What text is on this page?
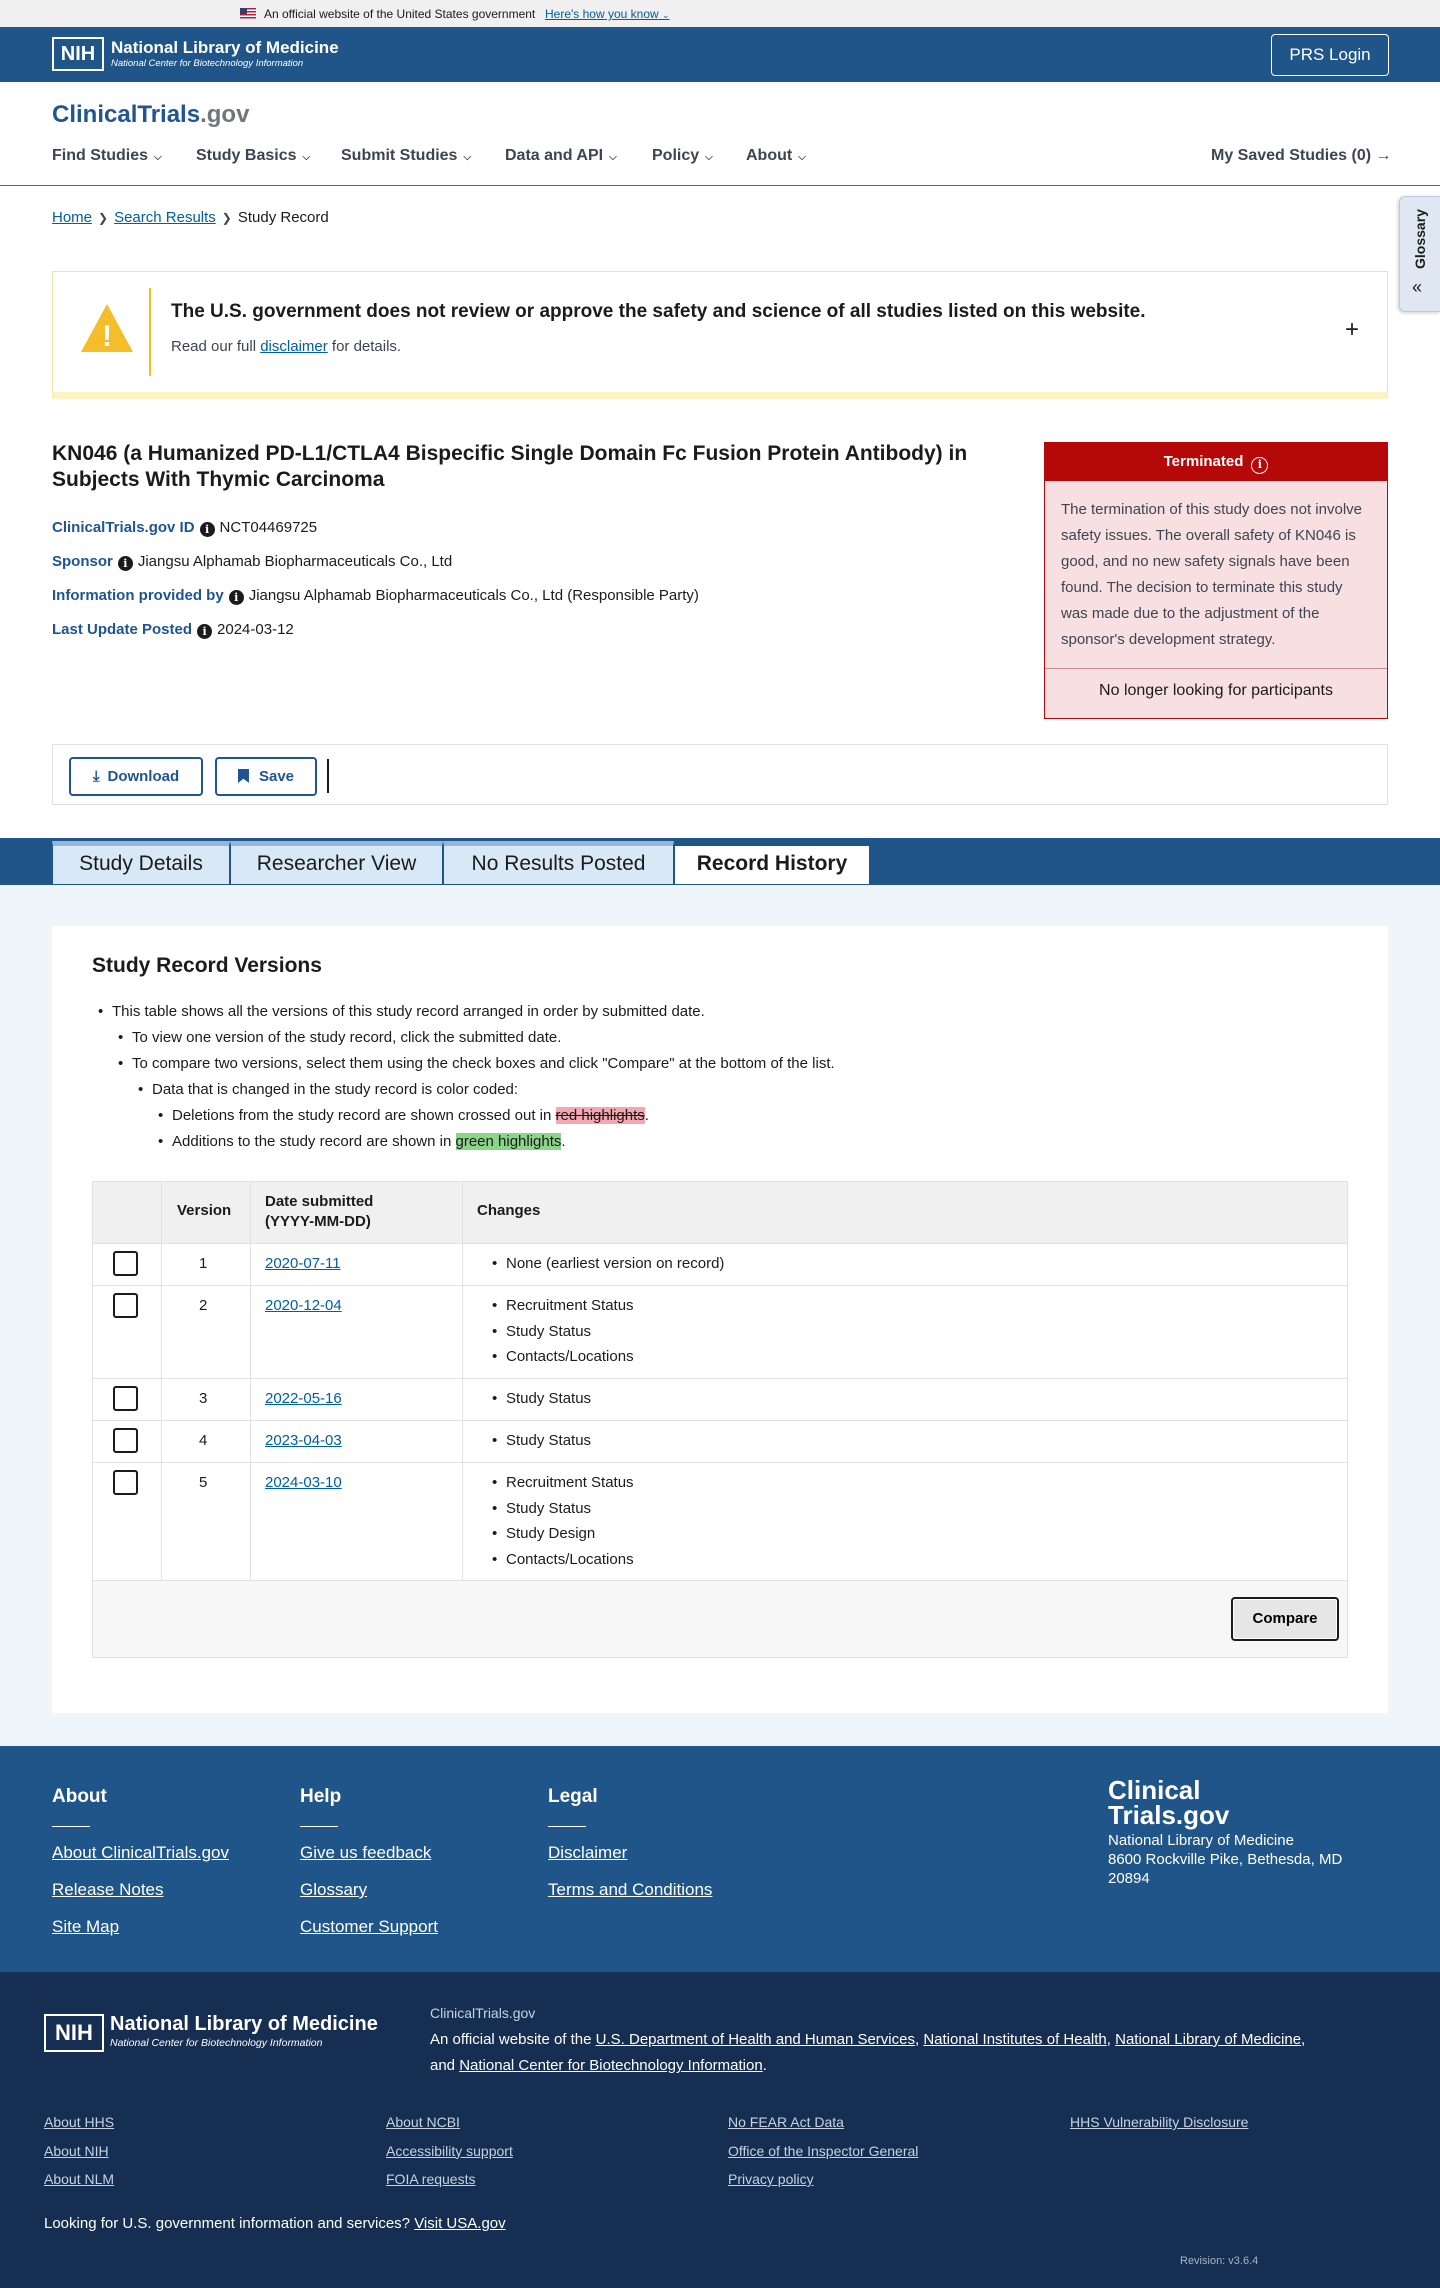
An official website of the United States government Here's how you know ⌄
NIH National Library of Medicine
National Center for Biotechnology Information	PRS Login
ClinicalTrials.gov
Find Studies ⌵ Study Basics ⌵ Submit Studies ⌵ Data and API ⌵ Policy ⌵ About ⌵	My Saved Studies (0) →
Glossary
«
Home ❯ Search Results ❯ Study Record
!
The U.S. government does not review or approve the safety and science of all studies listed on this website.
Read our full disclaimer for details.
+
KN046 (a Humanized PD-L1/CTLA4 Bispecific Single Domain Fc Fusion Protein Antibody) in Subjects With Thymic Carcinoma
ClinicalTrials.gov ID i NCT04469725
Sponsor i Jiangsu Alphamab Biopharmaceuticals Co., Ltd
Information provided by i Jiangsu Alphamab Biopharmaceuticals Co., Ltd (Responsible Party)
Last Update Posted i 2024-03-12
Terminated i
The termination of this study does not involve safety issues. The overall safety of KN046 is good, and no new safety signals have been found. The decision to terminate this study was made due to the adjustment of the sponsor's development strategy.
No longer looking for participants
⤓ Download	Save
Study Details	Researcher View	No Results Posted	Record History
Study Record Versions
• This table shows all the versions of this study record arranged in order by submitted date.
• To view one version of the study record, click the submitted date.
• To compare two versions, select them using the check boxes and click "Compare" at the bottom of the list.
• Data that is changed in the study record is color coded:
• Deletions from the study record are shown crossed out in red highlights.
• Additions to the study record are shown in green highlights.
Version
Date submitted
(YYYY-MM-DD)
Changes
1	2020-07-11	• None (earliest version on record)
2	2020-12-04	• Recruitment Status
• Study Status
• Contacts/Locations
3	2022-05-16	• Study Status
4	2023-04-03	• Study Status
5	2024-03-10	• Recruitment Status
• Study Status
• Study Design
• Contacts/Locations
Compare
About
About ClinicalTrials.gov
Release Notes
Site Map
Help
Give us feedback
Glossary
Customer Support
Legal
Disclaimer
Terms and Conditions
Clinical
Trials.gov
National Library of Medicine
8600 Rockville Pike, Bethesda, MD
20894
NIH National Library of Medicine
National Center for Biotechnology Information
ClinicalTrials.gov
An official website of the U.S. Department of Health and Human Services, National Institutes of Health, National Library of Medicine,
and National Center for Biotechnology Information.
About HHS
About NIH
About NLM
About NCBI
Accessibility support
FOIA requests
No FEAR Act Data
Office of the Inspector General
Privacy policy
HHS Vulnerability Disclosure
Looking for U.S. government information and services? Visit USA.gov
Revision: v3.6.4
